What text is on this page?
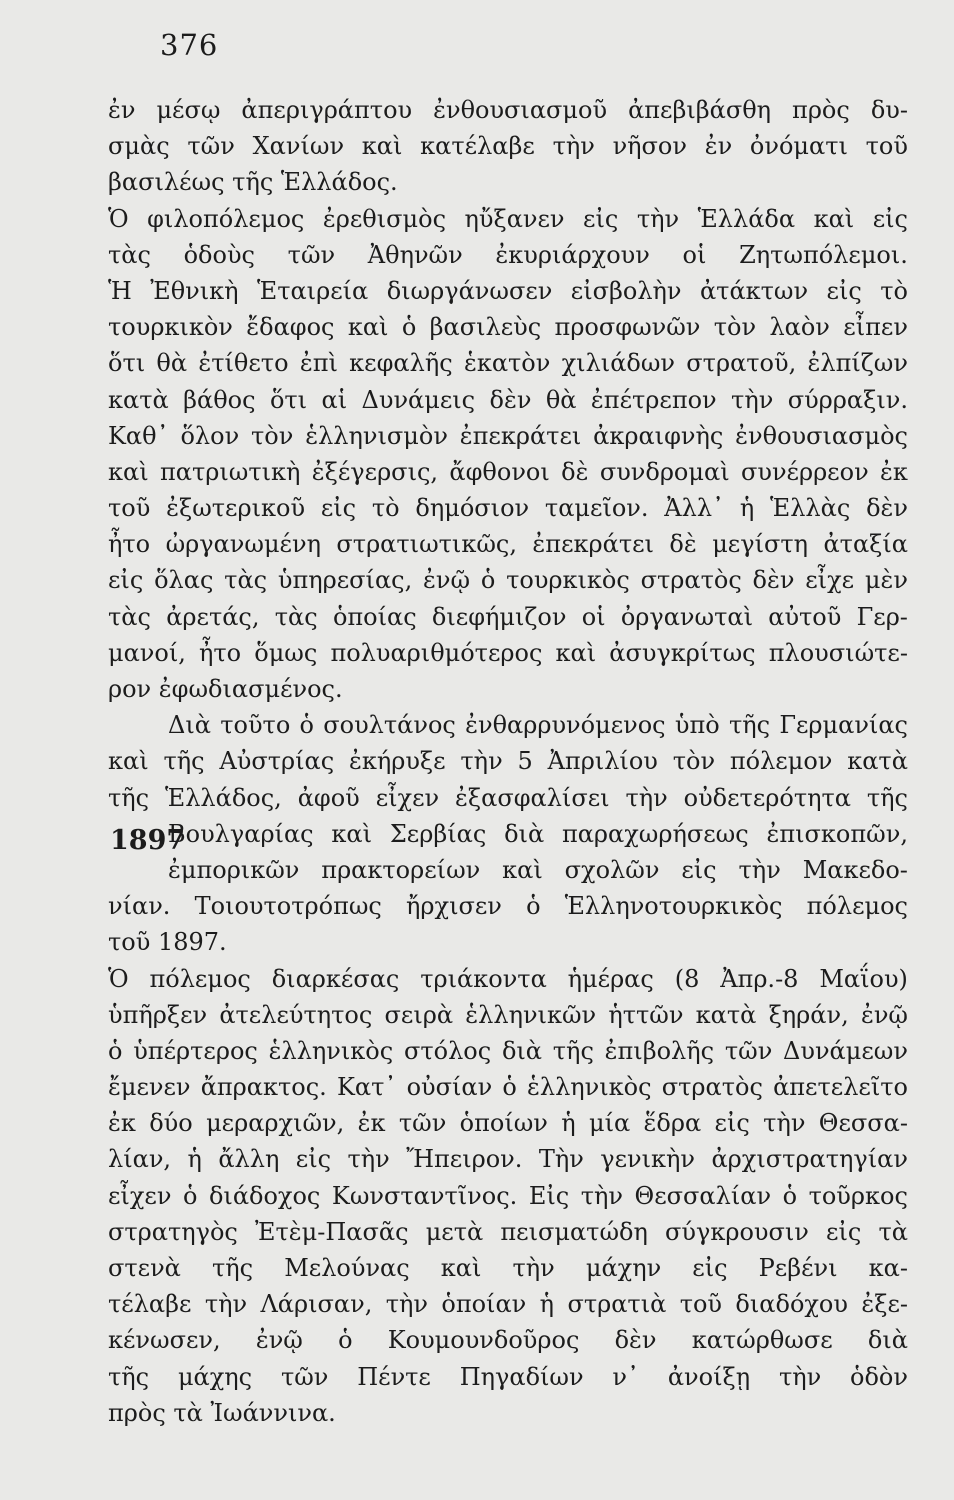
376
1897
ἐν μέσῳ ἀπεριγράπτου ἐνθουσιασμοῦ ἀπεβιβάσθη πρὸς δυ-
σμὰς τῶν Χανίων καὶ κατέλαβε τὴν νῆσον ἐν ὀνόματι τοῦ
βασιλέως τῆς Ἑλλάδος.
Ὁ φιλοπόλεμος ἐρεθισμὸς ηὔξανεν εἰς τὴν Ἑλλάδα καὶ εἰς
τὰς ὁδοὺς τῶν Ἀθηνῶν ἐκυριάρχουν οἱ Ζητωπόλεμοι.
Ἡ Ἐθνικὴ Ἑταιρεία διωργάνωσεν εἰσβολὴν ἀτάκτων εἰς τὸ
τουρκικὸν ἔδαφος καὶ ὁ βασιλεὺς προσφωνῶν τὸν λαὸν εἶπεν
ὅτι θὰ ἐτίθετο ἐπὶ κεφαλῆς ἑκατὸν χιλιάδων στρατοῦ, ἐλπίζων
κατὰ βάθος ὅτι αἱ Δυνάμεις δὲν θὰ ἐπέτρεπον τὴν σύρραξιν.
Καθ᾽ ὅλον τὸν ἑλληνισμὸν ἐπεκράτει ἀκραιφνὴς ἐνθουσιασμὸς
καὶ πατριωτικὴ ἐξέγερσις, ἄφθονοι δὲ συνδρομαὶ συνέρρεον ἐκ
τοῦ ἐξωτερικοῦ εἰς τὸ δημόσιον ταμεῖον. Ἀλλ᾽ ἡ Ἑλλὰς δὲν
ἦτο ὠργανωμένη στρατιωτικῶς, ἐπεκράτει δὲ μεγίστη ἀταξία
εἰς ὅλας τὰς ὑπηρεσίας, ἐνῷ ὁ τουρκικὸς στρατὸς δὲν εἶχε μὲν
τὰς ἀρετάς, τὰς ὁποίας διεφήμιζον οἱ ὀργανωταὶ αὐτοῦ Γερ-
μανοί, ἦτο ὅμως πολυαριθμότερος καὶ ἀσυγκρίτως πλουσιώτε-
ρον ἐφωδιασμένος.
Διὰ τοῦτο ὁ σουλτάνος ἐνθαρρυνόμενος ὑπὸ τῆς Γερμανίας
καὶ τῆς Αὐστρίας ἐκήρυξε τὴν 5 Ἀπριλίου τὸν πόλεμον κατὰ
τῆς Ἑλλάδος, ἀφοῦ εἶχεν ἐξασφαλίσει τὴν οὐδετερότητα τῆς
Βουλγαρίας καὶ Σερβίας διὰ παραχωρήσεως ἐπισκοπῶν,
ἐμπορικῶν πρακτορείων καὶ σχολῶν εἰς τὴν Μακεδο-
νίαν. Τοιουτοτρόπως ἤρχισεν ὁ Ἑλληνοτουρκικὸς πόλεμος
τοῦ 1897.
Ὁ πόλεμος διαρκέσας τριάκοντα ἡμέρας (8 Ἀπρ.-8 Μαΐου)
ὑπῆρξεν ἀτελεύτητος σειρὰ ἑλληνικῶν ἡττῶν κατὰ ξηράν, ἐνῷ
ὁ ὑπέρτερος ἑλληνικὸς στόλος διὰ τῆς ἐπιβολῆς τῶν Δυνάμεων
ἔμενεν ἄπρακτος. Κατ᾽ οὐσίαν ὁ ἑλληνικὸς στρατὸς ἀπετελεῖτο
ἐκ δύο μεραρχιῶν, ἐκ τῶν ὁποίων ἡ μία ἕδρα εἰς τὴν Θεσσα-
λίαν, ἡ ἄλλη εἰς τὴν Ἤπειρον. Τὴν γενικὴν ἀρχιστρατηγίαν
εἶχεν ὁ διάδοχος Κωνσταντῖνος. Εἰς τὴν Θεσσαλίαν ὁ τοῦρκος
στρατηγὸς Ἐτὲμ-Πασᾶς μετὰ πεισματώδη σύγκρουσιν εἰς τὰ
στενὰ τῆς Μελούνας καὶ τὴν μάχην εἰς Ρεβένι κα-
τέλαβε τὴν Λάρισαν, τὴν ὁποίαν ἡ στρατιὰ τοῦ διαδόχου ἐξε-
κένωσεν, ἐνῷ ὁ Κουμουνδοῦρος δὲν κατώρθωσε διὰ
τῆς μάχης τῶν Πέντε Πηγαδίων ν᾽ ἀνοίξῃ τὴν ὁδὸν
πρὸς τὰ Ἰωάννινα.
